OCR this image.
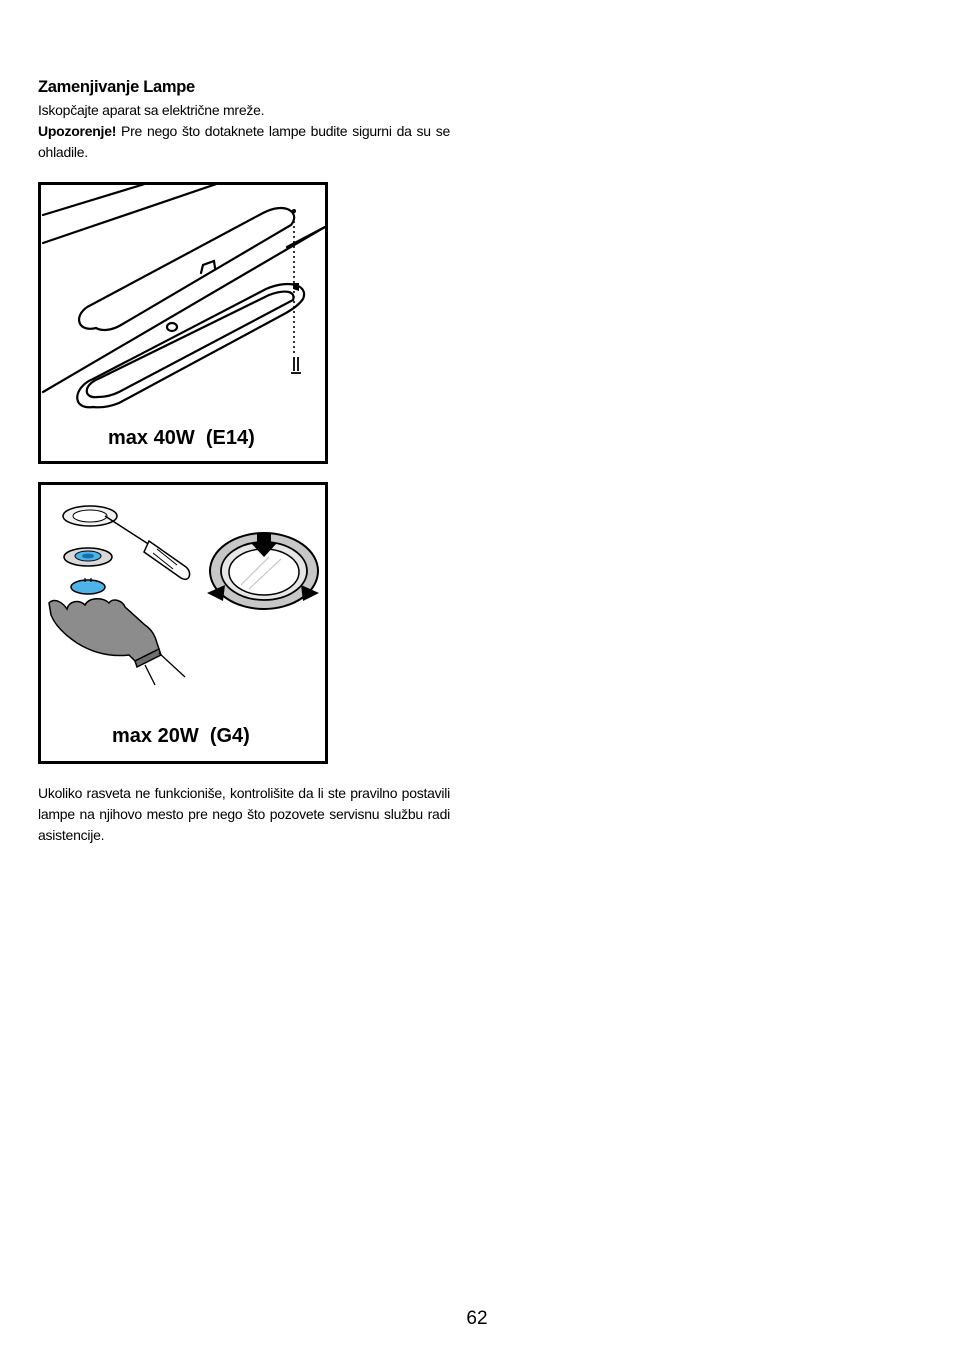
Zamenjivanje Lampe

Iskopčajte aparat sa električne mreže.

Upozorenje! Pre nego što dotaknete lampe budite sigurni da su se ohladile.

max 40W  (E14)
max 20W  (G4)

Ukoliko rasveta ne funkcioniše, kontrolišite da li ste pravilno postavili lampe na njihovo mesto pre nego što pozovete servisnu službu radi asistencije.

62
